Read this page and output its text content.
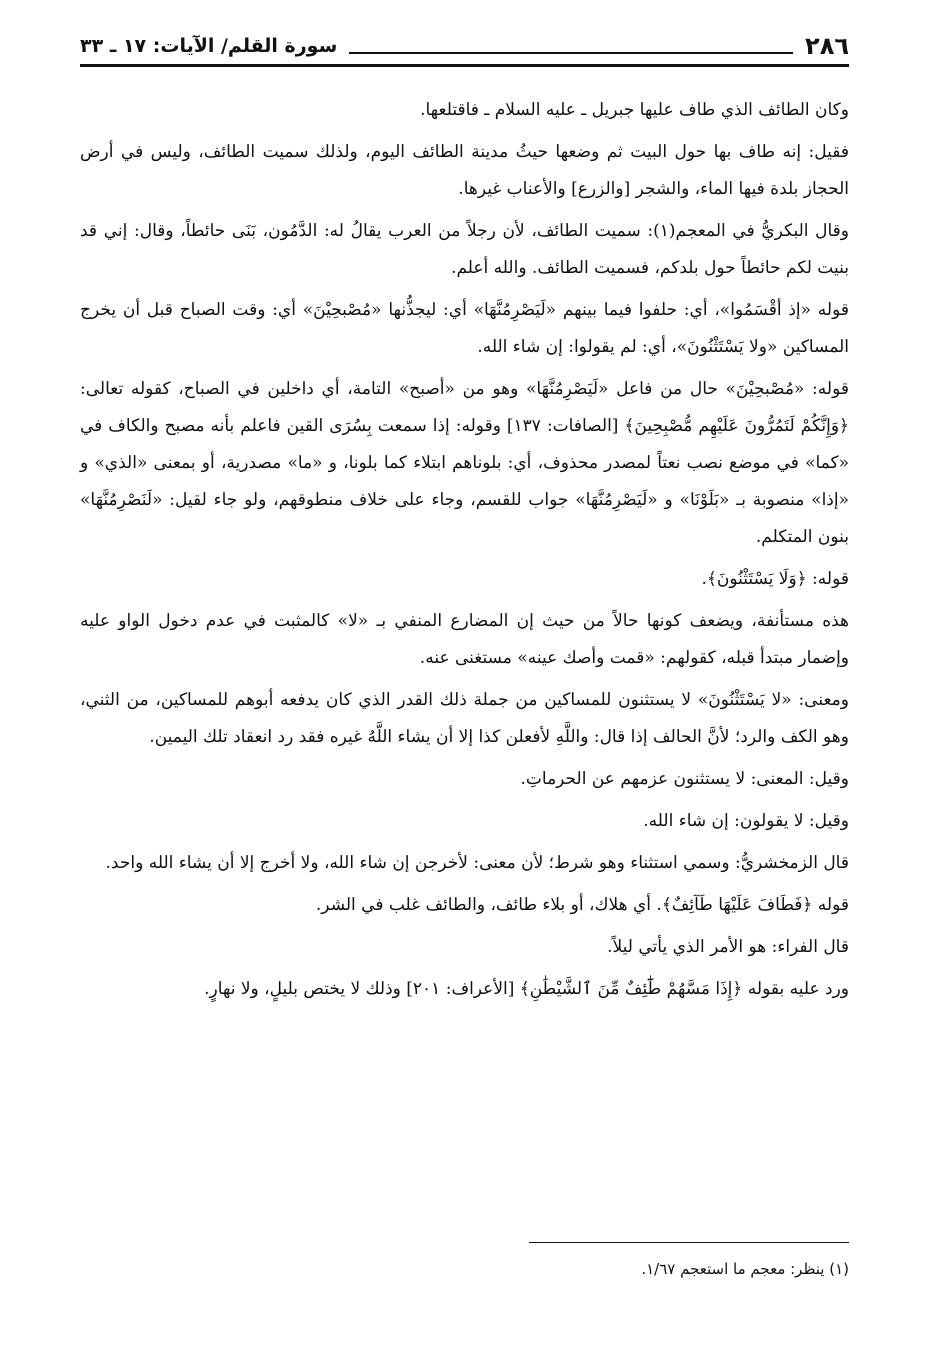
٢٨٦
سورة القلم/ الآيات: ١٧ ـ ٣٣

وكان الطائف الذي طاف عليها جبريل ـ عليه السلام ـ فاقتلعها.

فقيل: إنه طاف بها حول البيت ثم وضعها حيثُ مدينة الطائف اليوم، ولذلك سميت الطائف، وليس في أرض الحجاز بلدة فيها الماء، والشجر [والزرع] والأعناب غيرها.

وقال البكريُّ في المعجم(١): سميت الطائف، لأن رجلاً من العرب يقالُ له: الدَّمُون، بَنَى حائطاً، وقال: إني قد بنيت لكم حائطاً حول بلدكم، فسميت الطائف. والله أعلم.

قوله «إذ أقْسَمُوا»، أي: حلفوا فيما بينهم «لَيَصْرِمُنَّهَا» أي: ليجذُّنها «مُصْبحِيْنَ» أي: وقت الصباح قبل أن يخرج المساكين «ولا يَسْتَثْنُونَ»، أي: لم يقولوا: إن شاء الله.

قوله: «مُصْبحِيْنَ» حال من فاعل «لَيَصْرِمُنَّهَا» وهو من «أصبح» التامة، أي داخلين في الصباح، كقوله تعالى: ﴿وَإِنَّكُمْ لَتَمُرُّونَ عَلَيْهِم مُّصْبِحِينَ﴾ [الصافات: ١٣٧] وقوله: إذا سمعت بِسُرَى القين فاعلم بأنه مصبح والكاف في «كما» في موضع نصب نعتاً لمصدر محذوف، أي: بلوناهم ابتلاء كما بلونا، و «ما» مصدرية، أو بمعنى «الذي» و «إذا» منصوبة بـ «بَلَوْنَا» و «لَيَصْرِمُنَّهَا» جواب للقسم، وجاء على خلاف منطوقهم، ولو جاء لقيل: «لَنَصْرِمُنَّهَا» بنون المتكلم.

قوله: ﴿وَلَا يَسْتَثْنُونَ﴾.

هذه مستأنفة، ويضعف كونها حالاً من حيث إن المضارع المنفي بـ «لا» كالمثبت في عدم دخول الواو عليه وإضمار مبتدأ قبله، كقولهم: «قمت وأصك عينه» مستغنى عنه.

ومعنى: «لا يَسْتَثْنُونَ» لا يستثنون للمساكين من جملة ذلك القدر الذي كان يدفعه أبوهم للمساكين، من الثني، وهو الكف والرد؛ لأنَّ الحالف إذا قال: واللَّهِ لأفعلن كذا إلا أن يشاء اللَّهُ غيره فقد رد انعقاد تلك اليمين.

وقيل: المعنى: لا يستثنون عزمهم عن الحرماتِ.

وقيل: لا يقولون: إن شاء الله.

قال الزمخشريُّ: وسمي استثناء وهو شرط؛ لأن معنى: لأخرجن إن شاء الله، ولا أخرج إلا أن يشاء الله واحد.

قوله ﴿فَطَافَ عَلَيْهَا طَآئِفٌ﴾. أي هلاك، أو بلاء طائف، والطائف غلب في الشر.

قال الفراء: هو الأمر الذي يأتي ليلاً.

ورد عليه بقوله ﴿إِذَا مَسَّهُمْ طَٰٓئِفٌ مِّنَ ٱلشَّيْطَٰنِ﴾ [الأعراف: ٢٠١] وذلك لا يختص بليلٍ، ولا نهارٍ.

(١) ينظر: معجم ما استعجم ١/٦٧.
